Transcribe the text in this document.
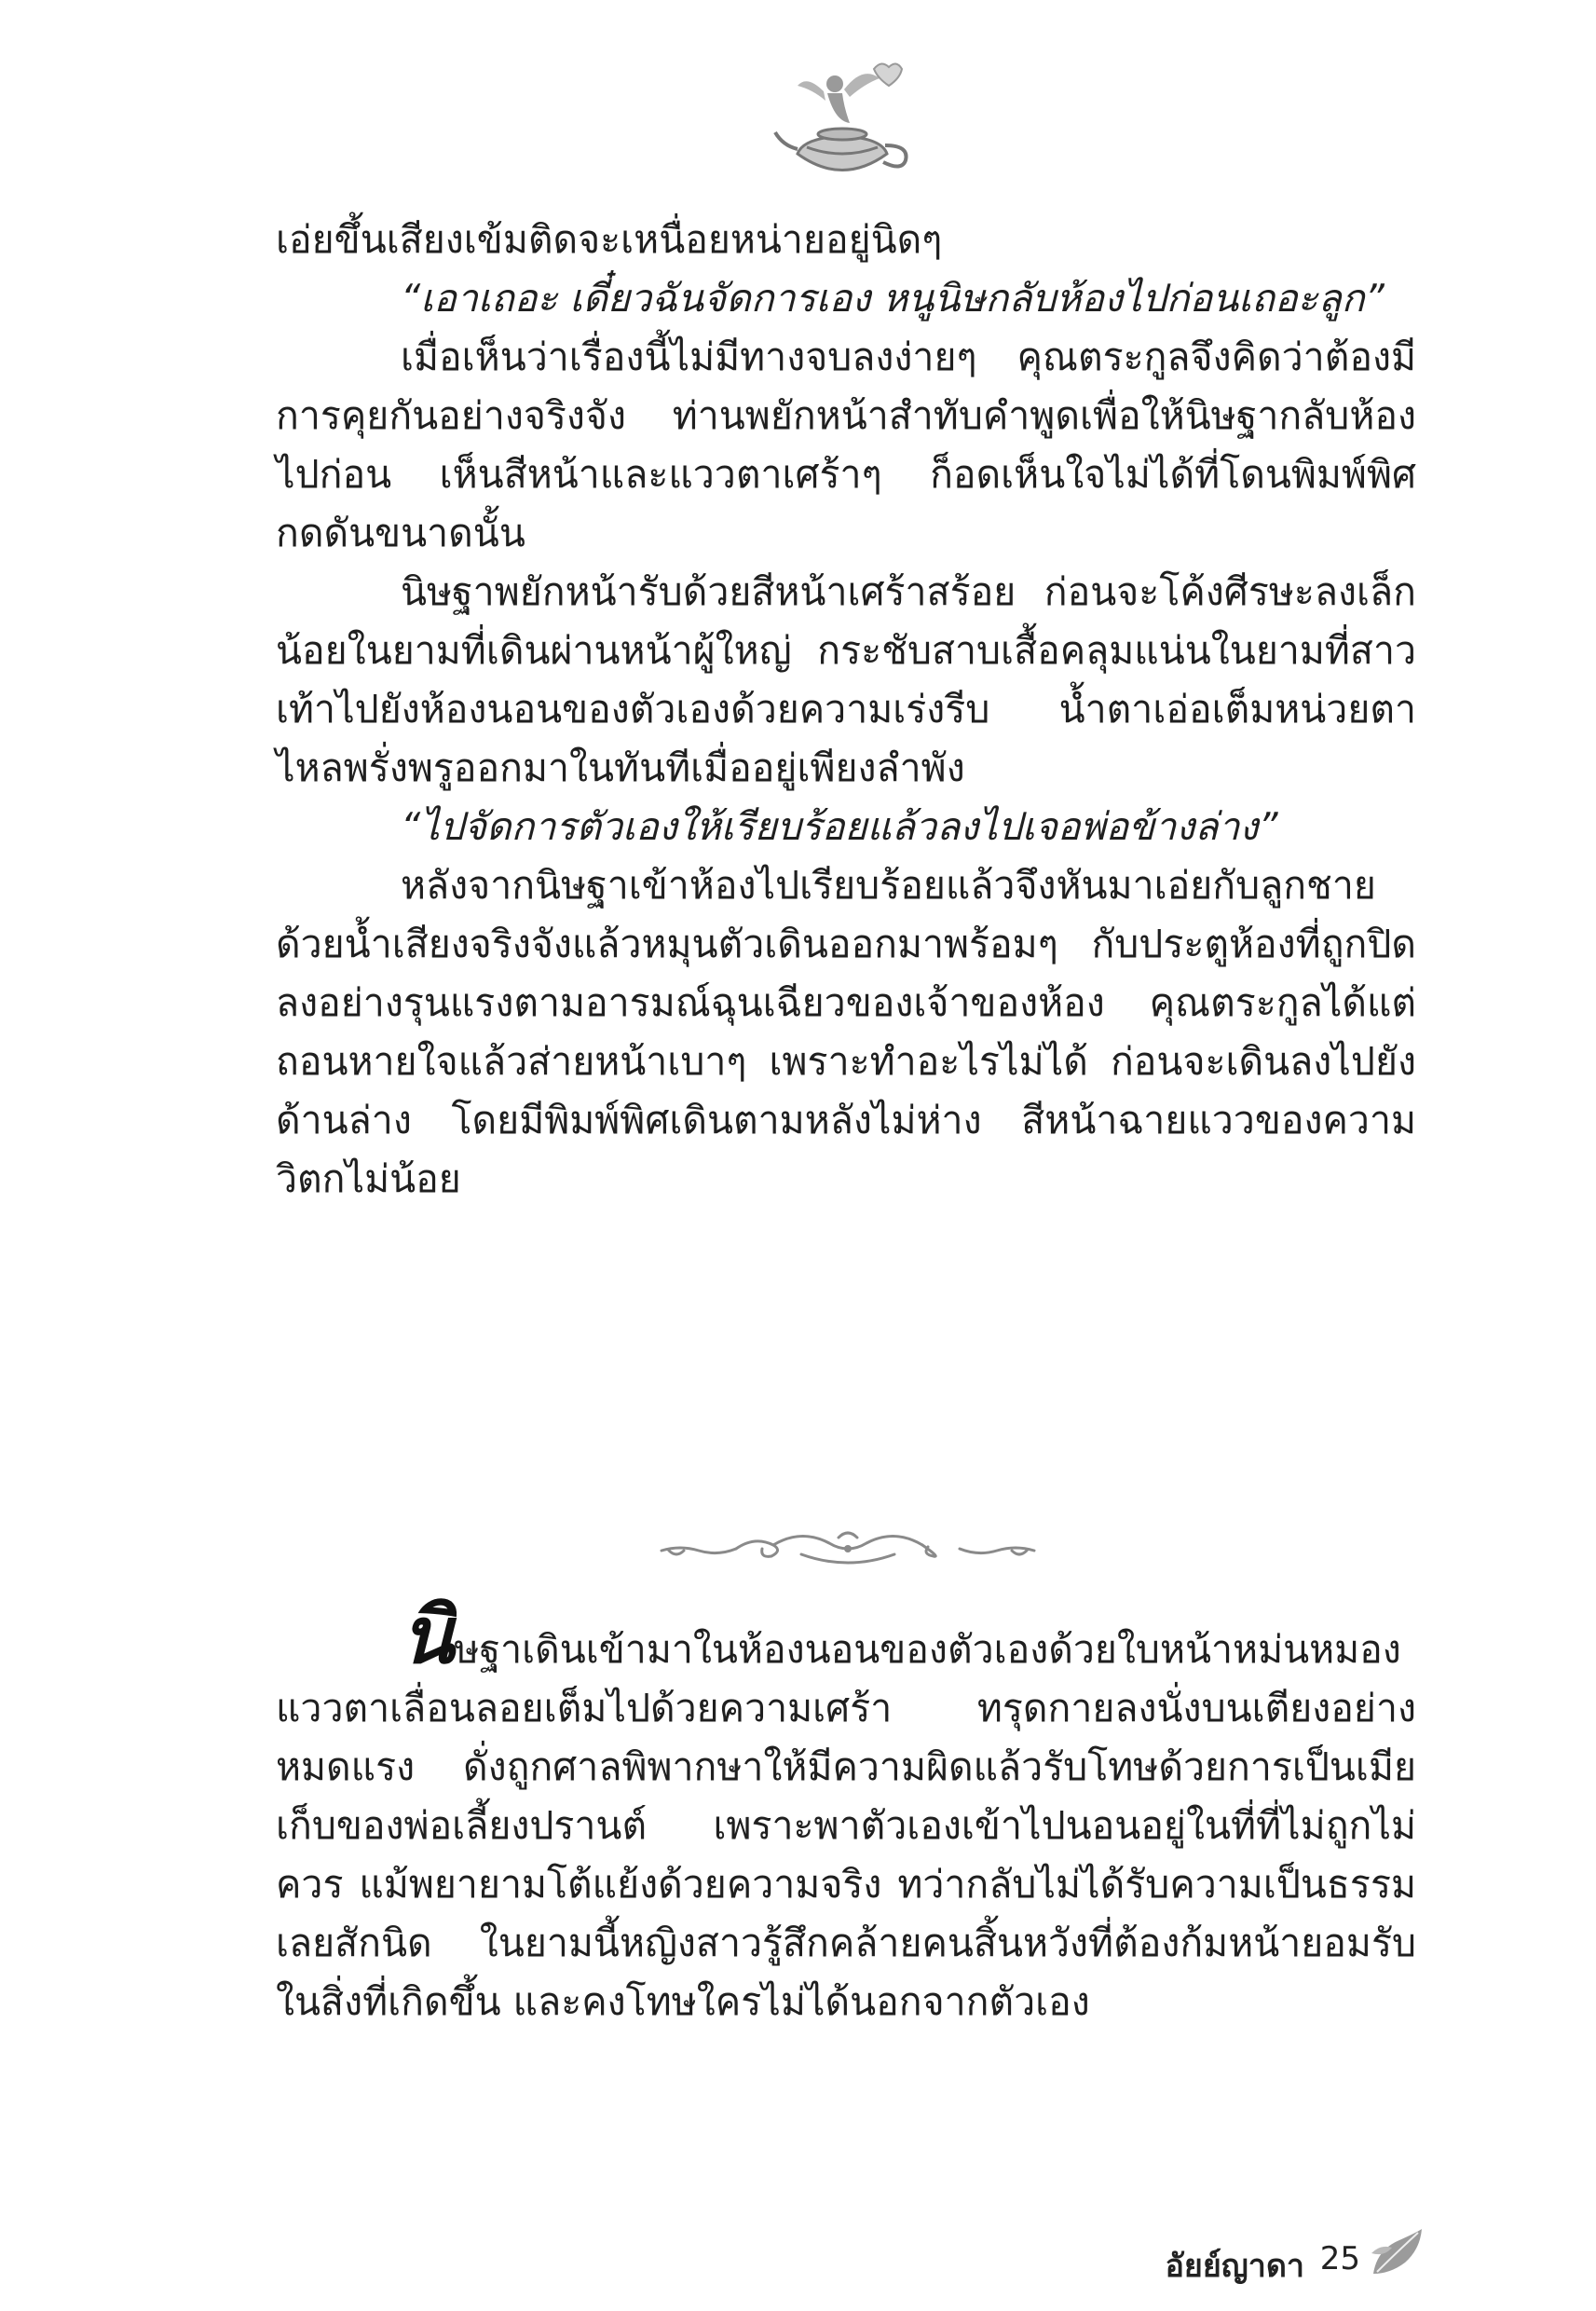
เอ่ยขึ้นเสียงเข้มติดจะเหนื่อยหน่ายอยู่นิดๆ

“เอาเถอะ เดี๋ยวฉันจัดการเอง หนูนิษกลับห้องไปก่อนเถอะลูก”

เมื่อเห็นว่าเรื่องนี้ไม่มีทางจบลงง่ายๆ คุณตระกูลจึงคิดว่าต้องมีการคุยกันอย่างจริงจัง ท่านพยักหน้าสำทับคำพูดเพื่อให้นิษฐากลับห้องไปก่อน เห็นสีหน้าและแววตาเศร้าๆ ก็อดเห็นใจไม่ได้ที่โดนพิมพ์พิศกดดันขนาดนั้น

นิษฐาพยักหน้ารับด้วยสีหน้าเศร้าสร้อย ก่อนจะโค้งศีรษะลงเล็กน้อยในยามที่เดินผ่านหน้าผู้ใหญ่ กระชับสาบเสื้อคลุมแน่นในยามที่สาวเท้าไปยังห้องนอนของตัวเองด้วยความเร่งรีบ น้ำตาเอ่อเต็มหน่วยตาไหลพรั่งพรูออกมาในทันทีเมื่ออยู่เพียงลำพัง

“ไปจัดการตัวเองให้เรียบร้อยแล้วลงไปเจอพ่อข้างล่าง”

หลังจากนิษฐาเข้าห้องไปเรียบร้อยแล้วจึงหันมาเอ่ยกับลูกชายด้วยน้ำเสียงจริงจังแล้วหมุนตัวเดินออกมาพร้อมๆ กับประตูห้องที่ถูกปิดลงอย่างรุนแรงตามอารมณ์ฉุนเฉียวของเจ้าของห้อง คุณตระกูลได้แต่ถอนหายใจแล้วส่ายหน้าเบาๆ เพราะทำอะไรไม่ได้ ก่อนจะเดินลงไปยังด้านล่าง โดยมีพิมพ์พิศเดินตามหลังไม่ห่าง สีหน้าฉายแววของความวิตกไม่น้อย

นิษฐาเดินเข้ามาในห้องนอนของตัวเองด้วยใบหน้าหม่นหมองแววตาเลื่อนลอยเต็มไปด้วยความเศร้า ทรุดกายลงนั่งบนเตียงอย่างหมดแรง ดั่งถูกศาลพิพากษาให้มีความผิดแล้วรับโทษด้วยการเป็นเมียเก็บของพ่อเลี้ยงปรานต์ เพราะพาตัวเองเข้าไปนอนอยู่ในที่ที่ไม่ถูกไม่ควร แม้พยายามโต้แย้งด้วยความจริง ทว่ากลับไม่ได้รับความเป็นธรรมเลยสักนิด ในยามนี้หญิงสาวรู้สึกคล้ายคนสิ้นหวังที่ต้องก้มหน้ายอมรับในสิ่งที่เกิดขึ้น และคงโทษใครไม่ได้นอกจากตัวเอง

อัยย์ญาดา 25
